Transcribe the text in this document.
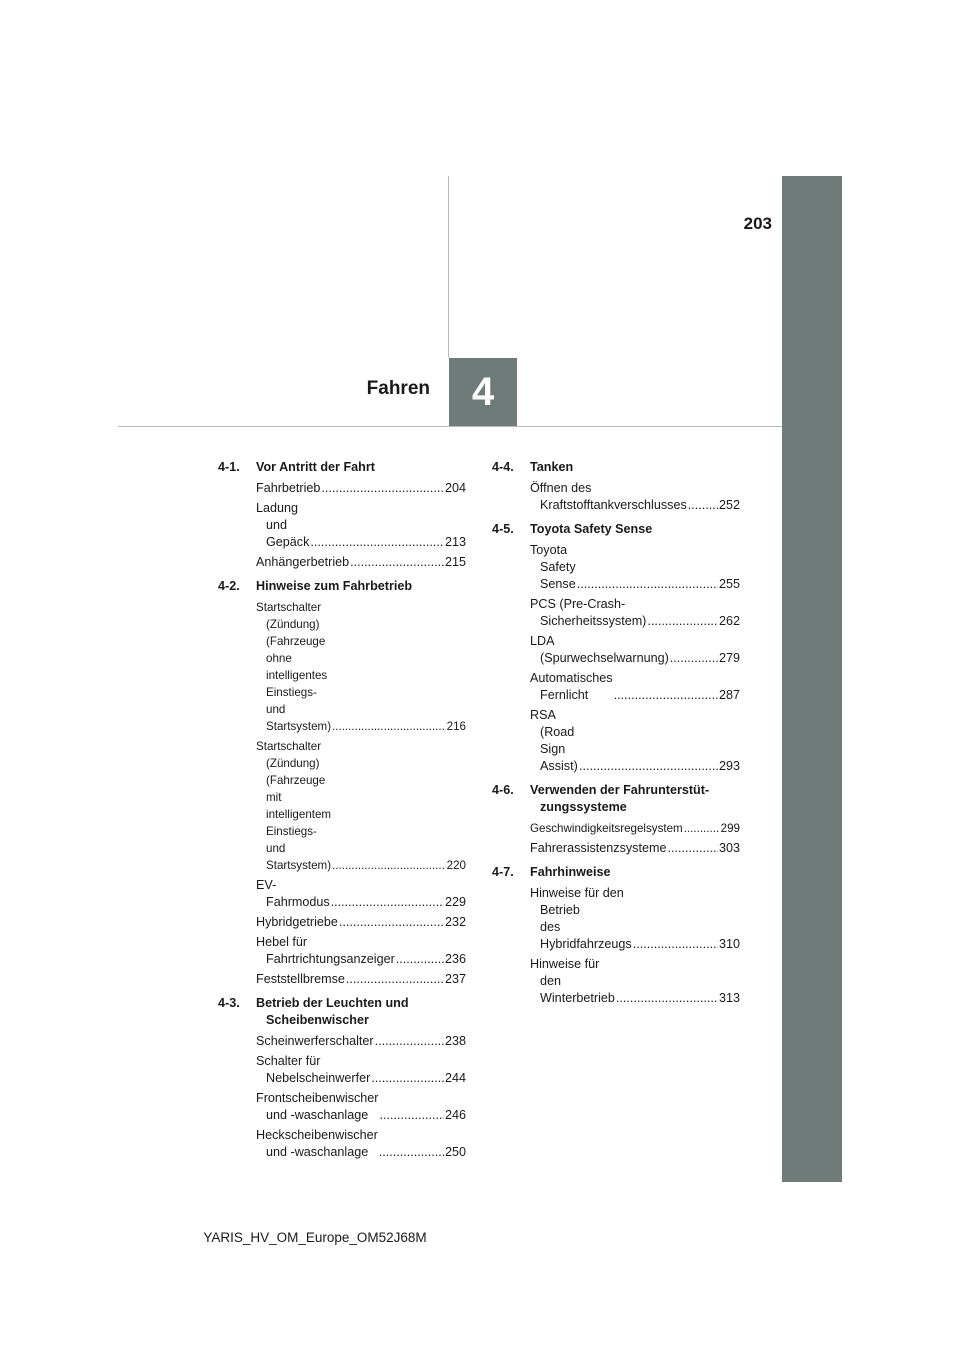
203
4
Fahren
4-1. Vor Antritt der Fahrt
Fahrbetrieb .....	204
Ladung und Gepäck .....	213
Anhängerbetrieb .....	215
4-2. Hinweise zum Fahrbetrieb
Startschalter (Zündung)
(Fahrzeuge ohne intelligentes
Einstiegs- und Startsystem) .....	216
Startschalter (Zündung)
(Fahrzeuge mit intelligentem
Einstiegs- und Startsystem) .....	220
EV-Fahrmodus .....	229
Hybridgetriebe .....	232
Hebel für
Fahrtrichtungsanzeiger .....	236
Feststellbremse .....	237
4-3. Betrieb der Leuchten und Scheibenwischer
Scheinwerferschalter .....	238
Schalter für
Nebelscheinwerfer .....	244
Frontscheibenwischer
und -waschanlage .....	246
Heckscheibenwischer
und -waschanlage .....	250
4-4. Tanken
Öffnen des
Kraftstofftankverschlusses .....	252
4-5. Toyota Safety Sense
Toyota Safety Sense .....	255
PCS (Pre-Crash-
Sicherheitssystem) .....	262
LDA (Spurwechselwarnung) .....	279
Automatisches Fernlicht .....	287
RSA (Road Sign Assist) .....	293
4-6. Verwenden der Fahrunterstüt-zungssysteme
Geschwindigkeitsregelsystem .....	299
Fahrerassistenzsysteme .....	303
4-7. Fahrhinweise
Hinweise für den Betrieb
des Hybridfahrzeugs .....	310
Hinweise für den
Winterbetrieb .....	313
YARIS_HV_OM_Europe_OM52J68M
